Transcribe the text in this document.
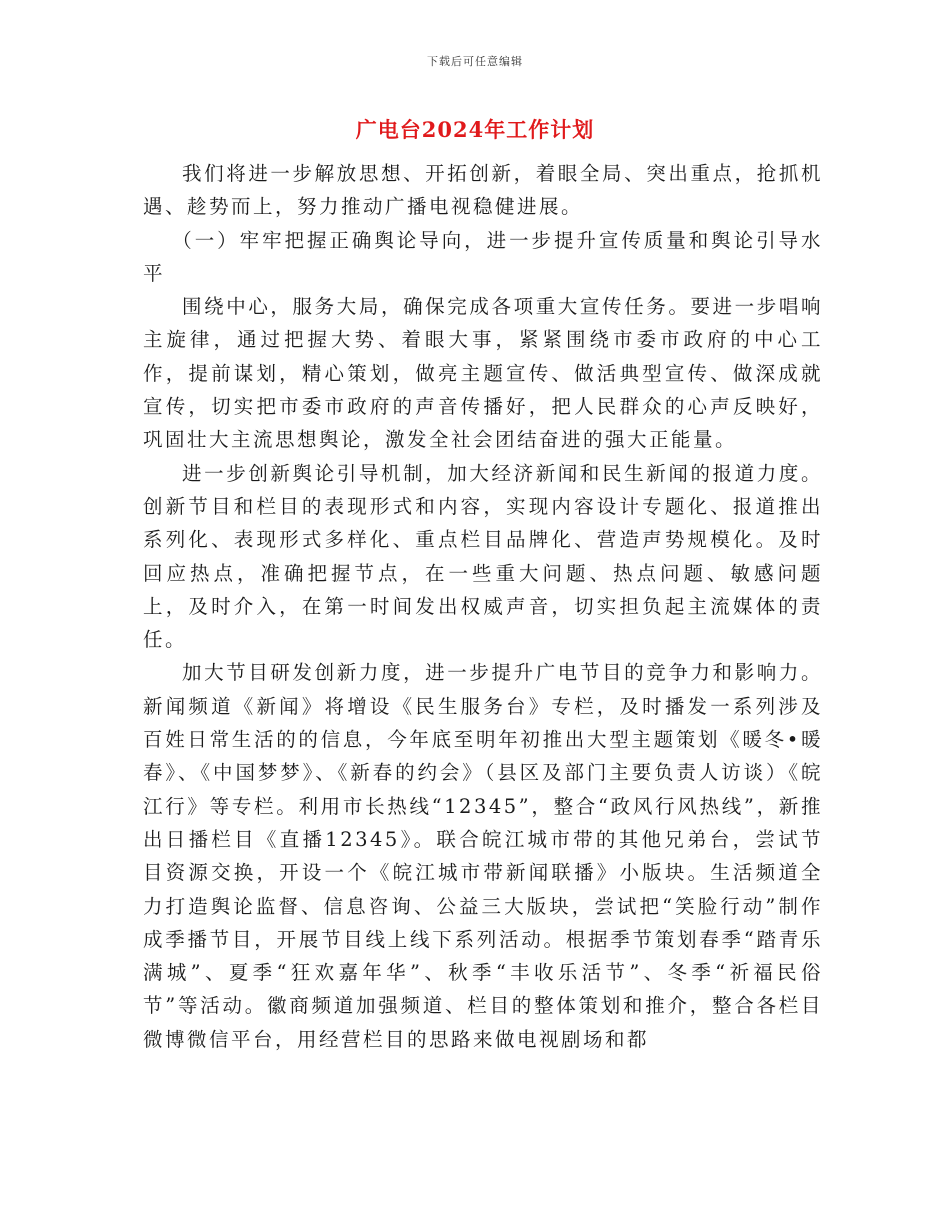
下载后可任意编辑
广电台2024年工作计划

我们将进一步解放思想、开拓创新，着眼全局、突出重点，抢抓机遇、趁势而上，努力推动广播电视稳健进展。

（一）牢牢把握正确舆论导向，进一步提升宣传质量和舆论引导水平

围绕中心，服务大局，确保完成各项重大宣传任务。要进一步唱响主旋律，通过把握大势、着眼大事，紧紧围绕市委市政府的中心工作，提前谋划，精心策划，做亮主题宣传、做活典型宣传、做深成就宣传，切实把市委市政府的声音传播好，把人民群众的心声反映好，巩固壮大主流思想舆论，激发全社会团结奋进的强大正能量。

进一步创新舆论引导机制，加大经济新闻和民生新闻的报道力度。创新节目和栏目的表现形式和内容，实现内容设计专题化、报道推出系列化、表现形式多样化、重点栏目品牌化、营造声势规模化。及时回应热点，准确把握节点，在一些重大问题、热点问题、敏感问题上，及时介入，在第一时间发出权威声音，切实担负起主流媒体的责任。

加大节目研发创新力度，进一步提升广电节目的竞争力和影响力。新闻频道《新闻》将增设《民生服务台》专栏，及时播发一系列涉及百姓日常生活的的信息，今年底至明年初推出大型主题策划《暖冬•暖春》、《中国梦梦》、《新春的约会》（县区及部门主要负责人访谈）《皖江行》等专栏。利用市长热线“12345”，整合“政风行风热线”，新推出日播栏目《直播12345》。联合皖江城市带的其他兄弟台，尝试节目资源交换，开设一个《皖江城市带新闻联播》小版块。生活频道全力打造舆论监督、信息咨询、公益三大版块，尝试把“笑脸行动”制作成季播节目，开展节目线上线下系列活动。根据季节策划春季“踏青乐满城”、夏季“狂欢嘉年华”、秋季“丰收乐活节”、冬季“祈福民俗节”等活动。徽商频道加强频道、栏目的整体策划和推介，整合各栏目微博微信平台，用经营栏目的思路来做电视剧场和都
